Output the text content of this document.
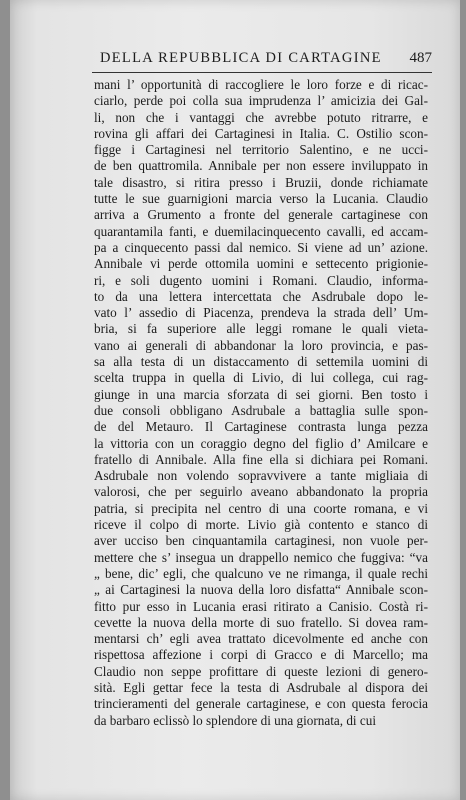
DELLA REPUBBLICA DI CARTAGINE 487
mani l’ opportunità di raccogliere le loro forze e di ricac-
ciarlo, perde poi colla sua imprudenza l’ amicizia dei Gal-
li, non che i vantaggi che avrebbe potuto ritrarre, e
rovina gli affari dei Cartaginesi in Italia. C. Ostilio scon-
figge i Cartaginesi nel territorio Salentino, e ne ucci-
de ben quattromila. Annibale per non essere inviluppato in
tale disastro, si ritira presso i Bruzii, donde richiamate
tutte le sue guarnigioni marcia verso la Lucania. Claudio
arriva a Grumento a fronte del generale cartaginese con
quarantamila fanti, e duemilacinquecento cavalli, ed accam-
pa a cinquecento passi dal nemico. Si viene ad un’ azione.
Annibale vi perde ottomila uomini e settecento prigionie-
ri, e soli dugento uomini i Romani. Claudio, informa-
to da una lettera intercettata che Asdrubale dopo le-
vato l’ assedio di Piacenza, prendeva la strada dell’ Um-
bria, si fa superiore alle leggi romane le quali vieta-
vano ai generali di abbandonar la loro provincia, e pas-
sa alla testa di un distaccamento di settemila uomini di
scelta truppa in quella di Livio, di lui collega, cui rag-
giunge in una marcia sforzata di sei giorni. Ben tosto i
due consoli obbligano Asdrubale a battaglia sulle spon-
de del Metauro. Il Cartaginese contrasta lunga pezza
la vittoria con un coraggio degno del figlio d’ Amilcare e
fratello di Annibale. Alla fine ella si dichiara pei Romani.
Asdrubale non volendo sopravvivere a tante migliaia di
valorosi, che per seguirlo aveano abbandonato la propria
patria, si precipita nel centro di una coorte romana, e vi
riceve il colpo di morte. Livio già contento e stanco di
aver ucciso ben cinquantamila cartaginesi, non vuole per-
mettere che s’ insegua un drappello nemico che fuggiva: “va
„ bene, dic’ egli, che qualcuno ve ne rimanga, il quale rechi
„ ai Cartaginesi la nuova della loro disfatta“ Annibale scon-
fitto pur esso in Lucania erasi ritirato a Canisio. Costà ri-
cevette la nuova della morte di suo fratello. Si dovea ram-
mentarsi ch’ egli avea trattato dicevolmente ed anche con
rispettosa affezione i corpi di Gracco e di Marcello; ma
Claudio non seppe profittare di queste lezioni di genero-
sità. Egli gettar fece la testa di Asdrubale al dispora dei
trincieramenti del generale cartaginese, e con questa ferocia
da barbaro eclissò lo splendore di una giornata, di cui
